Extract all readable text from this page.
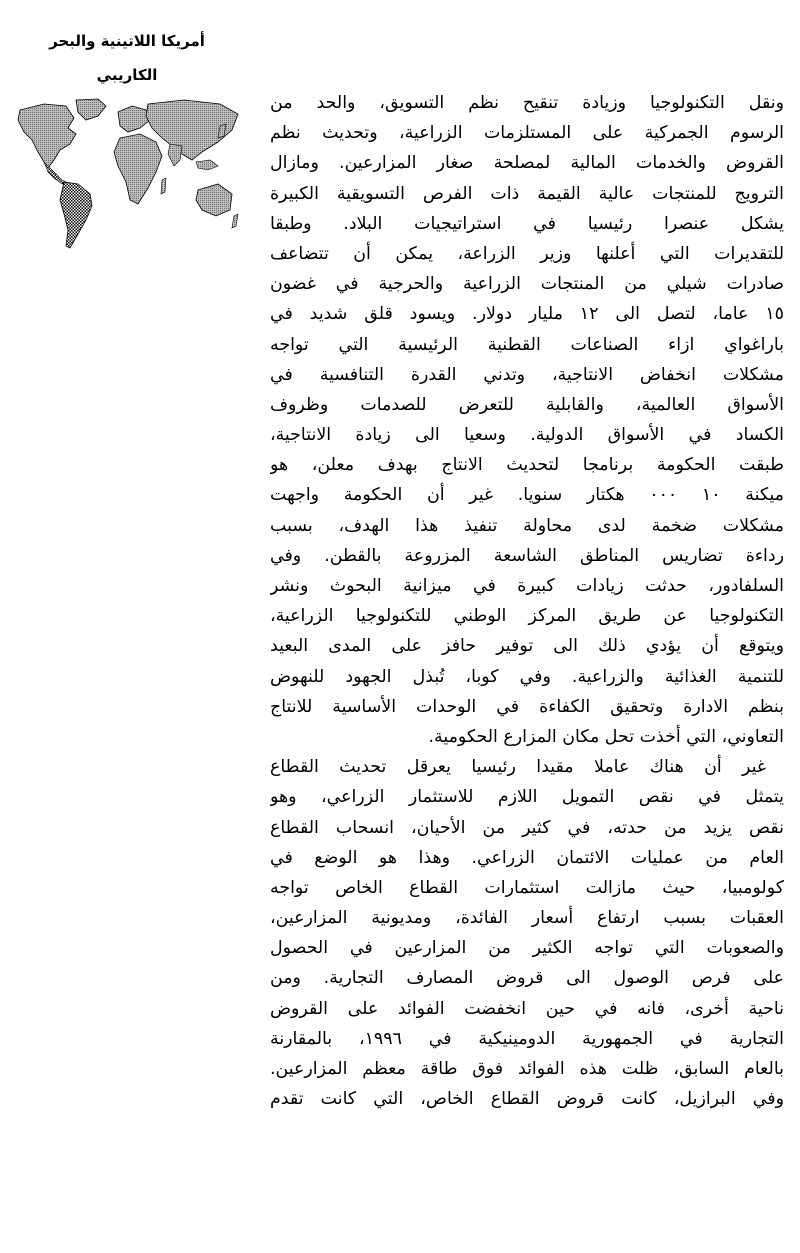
أمريكا اللاتينية والبحر

الكاريبي

ونقل التكنولوجيا وزيادة تنقيح نظم التسويق، والحد من
الرسوم الجمركية على المستلزمات الزراعية، وتحديث نظم
القروض والخدمات المالية لمصلحة صغار المزارعين. ومازال
الترويج للمنتجات عالية القيمة ذات الفرص التسويقية الكبيرة
يشكل عنصرا رئيسيا في استراتيجيات البلاد. وطبقا
للتقديرات التي أعلنها وزير الزراعة، يمكن أن تتضاعف
صادرات شيلي من المنتجات الزراعية والحرجية في غضون
١٥ عاما، لتصل الى ١٢ مليار دولار. ويسود قلق شديد في
باراغواي ازاء الصناعات القطنية الرئيسية التي تواجه
مشكلات انخفاض الانتاجية، وتدني القدرة التنافسية في
الأسواق العالمية، والقابلية للتعرض للصدمات وظروف
الكساد في الأسواق الدولية. وسعيا الى زيادة الانتاجية،
طبقت الحكومة برنامجا لتحديث الانتاج بهدف معلن، هو
ميكنة ١٠ ٠٠٠ هكتار سنويا. غير أن الحكومة واجهت
مشكلات ضخمة لدى محاولة تنفيذ هذا الهدف، بسبب
رداءة تضاريس المناطق الشاسعة المزروعة بالقطن. وفي
السلفادور، حدثت زيادات كبيرة في ميزانية البحوث ونشر
التكنولوجيا عن طريق المركز الوطني للتكنولوجيا الزراعية،
ويتوقع أن يؤدي ذلك الى توفير حافز على المدى البعيد
للتنمية الغذائية والزراعية. وفي كوبا، تُبذل الجهود للنهوض
بنظم الادارة وتحقيق الكفاءة في الوحدات الأساسية للانتاج
التعاوني، التي أخذت تحل مكان المزارع الحكومية.
غير أن هناك عاملا مقيدا رئيسيا يعرقل تحديث القطاع
يتمثل في نقص التمويل اللازم للاستثمار الزراعي، وهو
نقص يزيد من حدته، في كثير من الأحيان، انسحاب القطاع
العام من عمليات الائتمان الزراعي. وهذا هو الوضع في
كولومبيا، حيث مازالت استثمارات القطاع الخاص تواجه
العقبات بسبب ارتفاع أسعار الفائدة، ومديونية المزارعين،
والصعوبات التي تواجه الكثير من المزارعين في الحصول
على فرص الوصول الى قروض المصارف التجارية. ومن
ناحية أخرى، فانه في حين انخفضت الفوائد على القروض
التجارية في الجمهورية الدومينيكية في ١٩٩٦، بالمقارنة
بالعام السابق، ظلت هذه الفوائد فوق طاقة معظم المزارعين.
وفي البرازيل، كانت قروض القطاع الخاص، التي كانت تقدم
